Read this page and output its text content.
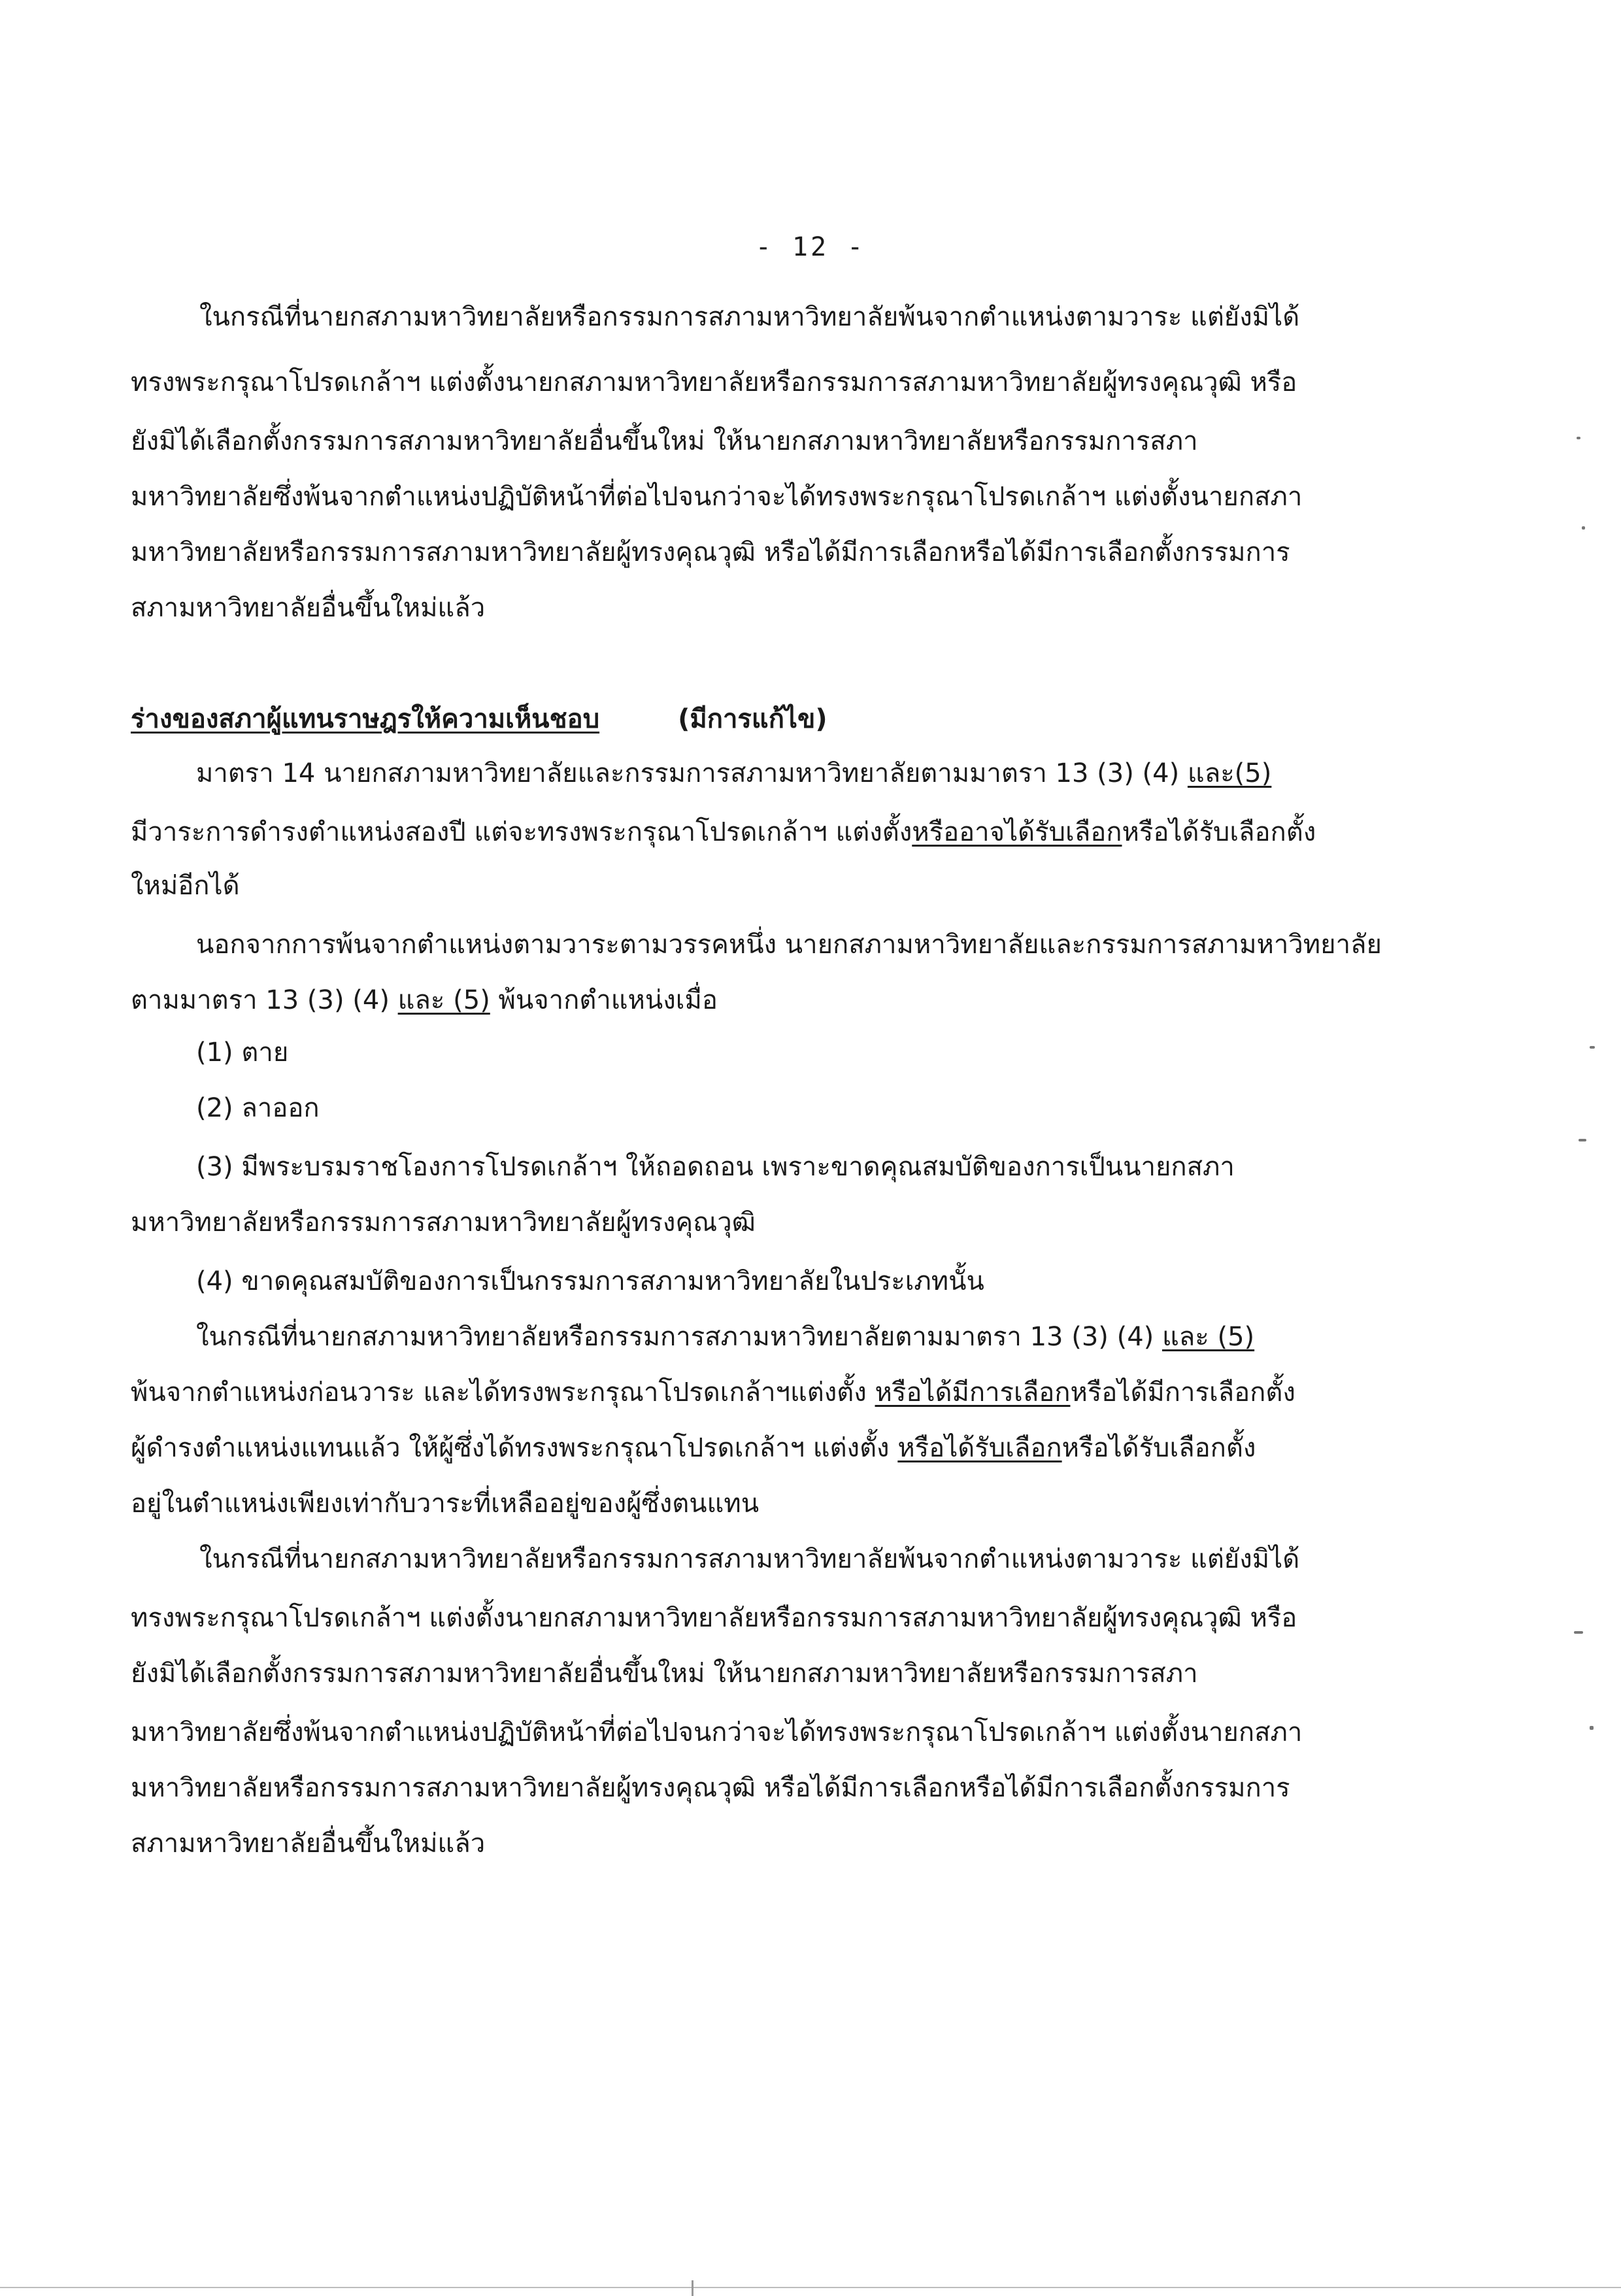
- 12 -
ในกรณีที่นายกสภามหาวิทยาลัยหรือกรรมการสภามหาวิทยาลัยพ้นจากตำแหน่งตามวาระ แต่ยังมิได้
ทรงพระกรุณาโปรดเกล้าฯ แต่งตั้งนายกสภามหาวิทยาลัยหรือกรรมการสภามหาวิทยาลัยผู้ทรงคุณวุฒิ หรือ
ยังมิได้เลือกตั้งกรรมการสภามหาวิทยาลัยอื่นขึ้นใหม่ ให้นายกสภามหาวิทยาลัยหรือกรรมการสภา
มหาวิทยาลัยซึ่งพ้นจากตำแหน่งปฏิบัติหน้าที่ต่อไปจนกว่าจะได้ทรงพระกรุณาโปรดเกล้าฯ แต่งตั้งนายกสภา
มหาวิทยาลัยหรือกรรมการสภามหาวิทยาลัยผู้ทรงคุณวุฒิ หรือได้มีการเลือกหรือได้มีการเลือกตั้งกรรมการ
สภามหาวิทยาลัยอื่นขึ้นใหม่แล้ว
ร่างของสภาผู้แทนราษฎรให้ความเห็นชอบ	(มีการแก้ไข)
มาตรา 14 นายกสภามหาวิทยาลัยและกรรมการสภามหาวิทยาลัยตามมาตรา 13 (3) (4) และ(5)
มีวาระการดำรงตำแหน่งสองปี แต่จะทรงพระกรุณาโปรดเกล้าฯ แต่งตั้งหรืออาจได้รับเลือกหรือได้รับเลือกตั้ง
ใหม่อีกได้
นอกจากการพ้นจากตำแหน่งตามวาระตามวรรคหนึ่ง นายกสภามหาวิทยาลัยและกรรมการสภามหาวิทยาลัย
ตามมาตรา 13 (3) (4) และ (5) พ้นจากตำแหน่งเมื่อ
(1) ตาย
(2) ลาออก
(3) มีพระบรมราชโองการโปรดเกล้าฯ ให้ถอดถอน เพราะขาดคุณสมบัติของการเป็นนายกสภา
มหาวิทยาลัยหรือกรรมการสภามหาวิทยาลัยผู้ทรงคุณวุฒิ
(4) ขาดคุณสมบัติของการเป็นกรรมการสภามหาวิทยาลัยในประเภทนั้น
ในกรณีที่นายกสภามหาวิทยาลัยหรือกรรมการสภามหาวิทยาลัยตามมาตรา 13 (3) (4) และ (5)
พ้นจากตำแหน่งก่อนวาระ และได้ทรงพระกรุณาโปรดเกล้าฯแต่งตั้ง หรือได้มีการเลือกหรือได้มีการเลือกตั้ง
ผู้ดำรงตำแหน่งแทนแล้ว ให้ผู้ซึ่งได้ทรงพระกรุณาโปรดเกล้าฯ แต่งตั้ง หรือได้รับเลือกหรือได้รับเลือกตั้ง
อยู่ในตำแหน่งเพียงเท่ากับวาระที่เหลืออยู่ของผู้ซึ่งตนแทน
ในกรณีที่นายกสภามหาวิทยาลัยหรือกรรมการสภามหาวิทยาลัยพ้นจากตำแหน่งตามวาระ แต่ยังมิได้
ทรงพระกรุณาโปรดเกล้าฯ แต่งตั้งนายกสภามหาวิทยาลัยหรือกรรมการสภามหาวิทยาลัยผู้ทรงคุณวุฒิ หรือ
ยังมิได้เลือกตั้งกรรมการสภามหาวิทยาลัยอื่นขึ้นใหม่ ให้นายกสภามหาวิทยาลัยหรือกรรมการสภา
มหาวิทยาลัยซึ่งพ้นจากตำแหน่งปฏิบัติหน้าที่ต่อไปจนกว่าจะได้ทรงพระกรุณาโปรดเกล้าฯ แต่งตั้งนายกสภา
มหาวิทยาลัยหรือกรรมการสภามหาวิทยาลัยผู้ทรงคุณวุฒิ หรือได้มีการเลือกหรือได้มีการเลือกตั้งกรรมการ
สภามหาวิทยาลัยอื่นขึ้นใหม่แล้ว
